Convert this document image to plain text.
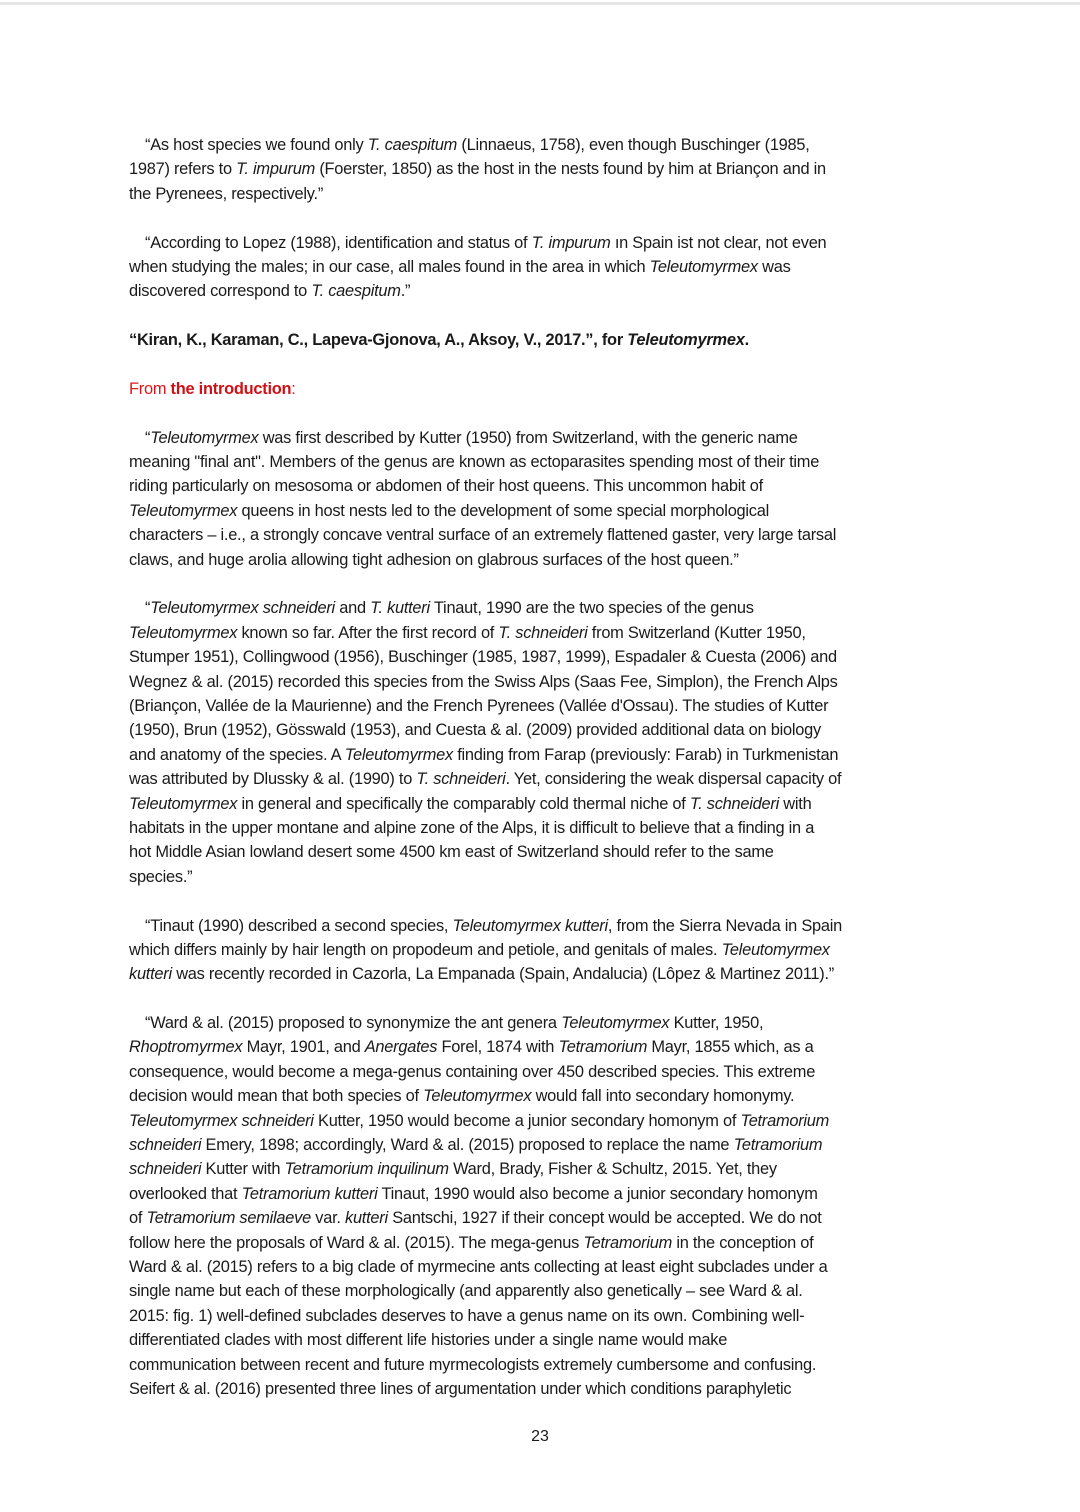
“As host species we found only T. caespitum (Linnaeus, 1758), even though Buschinger (1985,
1987) refers to T. impurum (Foerster, 1850) as the host in the nests found by him at Briançon and in
the Pyrenees, respectively.”
“According to Lopez (1988), identification and status of T. impurum ın Spain ist not clear, not even
when studying the males; in our case, all males found in the area in which Teleutomyrmex was
discovered correspond to T. caespitum.”
“Kiran, K., Karaman, C., Lapeva-Gjonova, A., Aksoy, V., 2017.”, for Teleutomyrmex.
From the introduction:
“Teleutomyrmex was first described by Kutter (1950) from Switzerland, with the generic name
meaning "final ant". Members of the genus are known as ectoparasites spending most of their time
riding particularly on mesosoma or abdomen of their host queens. This uncommon habit of
Teleutomyrmex queens in host nests led to the development of some special morphological
characters – i.e., a strongly concave ventral surface of an extremely flattened gaster, very large tarsal
claws, and huge arolia allowing tight adhesion on glabrous surfaces of the host queen.”
“Teleutomyrmex schneideri and T. kutteri Tinaut, 1990 are the two species of the genus
Teleutomyrmex known so far. After the first record of T. schneideri from Switzerland (Kutter 1950,
Stumper 1951), Collingwood (1956), Buschinger (1985, 1987, 1999), Espadaler & Cuesta (2006) and
Wegnez & al. (2015) recorded this species from the Swiss Alps (Saas Fee, Simplon), the French Alps
(Briançon, Vallée de la Maurienne) and the French Pyrenees (Vallée d'Ossau). The studies of Kutter
(1950), Brun (1952), Gösswald (1953), and Cuesta & al. (2009) provided additional data on biology
and anatomy of the species. A Teleutomyrmex finding from Farap (previously: Farab) in Turkmenistan
was attributed by Dlussky & al. (1990) to T. schneideri. Yet, considering the weak dispersal capacity of
Teleutomyrmex in general and specifically the comparably cold thermal niche of T. schneideri with
habitats in the upper montane and alpine zone of the Alps, it is difficult to believe that a finding in a
hot Middle Asian lowland desert some 4500 km east of Switzerland should refer to the same
species.”
“Tinaut (1990) described a second species, Teleutomyrmex kutteri, from the Sierra Nevada in Spain
which differs mainly by hair length on propodeum and petiole, and genitals of males. Teleutomyrmex
kutteri was recently recorded in Cazorla, La Empanada (Spain, Andalucia) (Lôpez & Martinez 2011).”
“Ward & al. (2015) proposed to synonymize the ant genera Teleutomyrmex Kutter, 1950,
Rhoptromyrmex Mayr, 1901, and Anergates Forel, 1874 with Tetramorium Mayr, 1855 which, as a
consequence, would become a mega-genus containing over 450 described species. This extreme
decision would mean that both species of Teleutomyrmex would fall into secondary homonymy.
Teleutomyrmex schneideri Kutter, 1950 would become a junior secondary homonym of Tetramorium
schneideri Emery, 1898; accordingly, Ward & al. (2015) proposed to replace the name Tetramorium
schneideri Kutter with Tetramorium inquilinum Ward, Brady, Fisher & Schultz, 2015. Yet, they
overlooked that Tetramorium kutteri Tinaut, 1990 would also become a junior secondary homonym
of Tetramorium semilaeve var. kutteri Santschi, 1927 if their concept would be accepted. We do not
follow here the proposals of Ward & al. (2015). The mega-genus Tetramorium in the conception of
Ward & al. (2015) refers to a big clade of myrmecine ants collecting at least eight subclades under a
single name but each of these morphologically (and apparently also genetically – see Ward & al.
2015: fig. 1) well-defined subclades deserves to have a genus name on its own. Combining well-
differentiated clades with most different life histories under a single name would make
communication between recent and future myrmecologists extremely cumbersome and confusing.
Seifert & al. (2016) presented three lines of argumentation under which conditions paraphyletic
23
